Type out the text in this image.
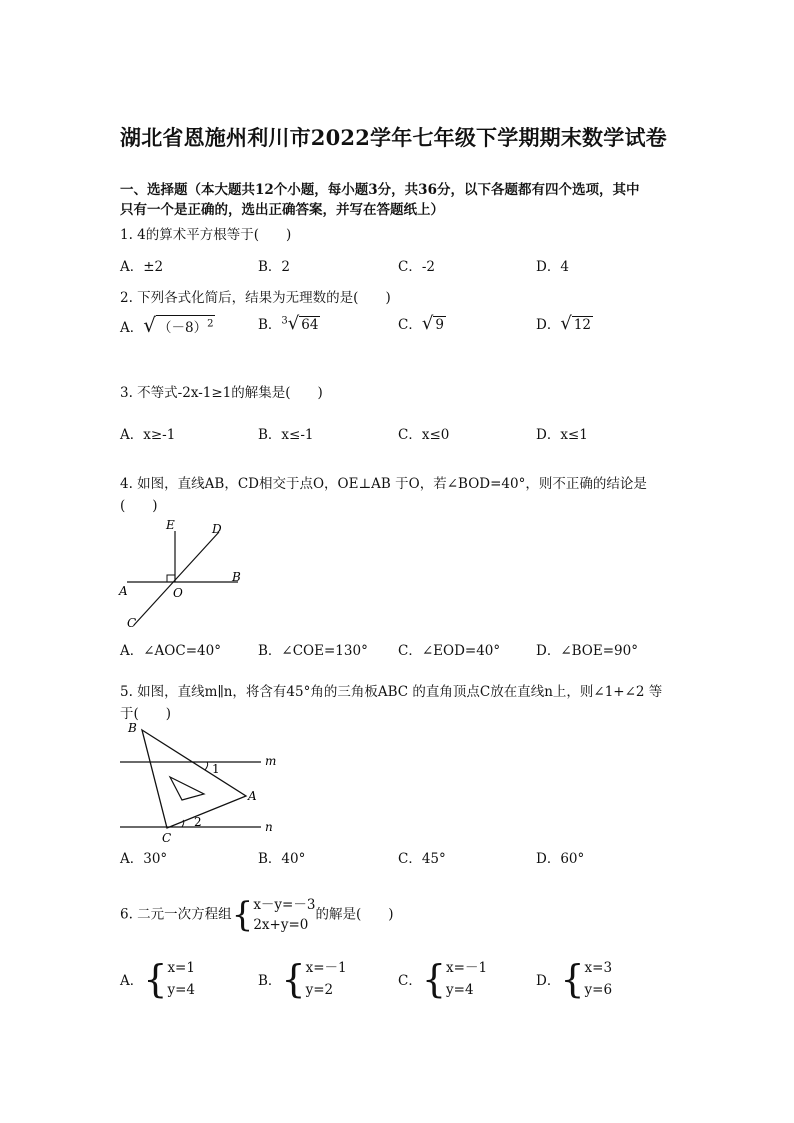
湖北省恩施州利川市2022学年七年级下学期期末数学试卷
一、选择题（本大题共12个小题，每小题3分，共36分，以下各题都有四个选项，其中
只有一个是正确的，选出正确答案，并写在答题纸上）
1. 4的算术平方根等于(　　)
A．±2	B．2	C．-2	D．4
2. 下列各式化简后，结果为无理数的是(　　)
A．√ $(-8)^2$	B．$^3$√ 64	C．√ 9	D．√ 12
3. 不等式-2x-1≥1的解集是(　　)
A．x≥-1	B．x≤-1	C．x≤0	D．x≤1
4. 如图，直线AB，CD相交于点O，OE⊥AB 于O，若∠BOD=40°，则不正确的结论是
(　　)
E	D
A
B
O
C
A．∠AOC=40°	B．∠COE=130° C．∠EOD=40°	D．∠BOE=90°
5. 如图，直线m∥n，将含有45°角的三角板ABC 的直角顶点C放在直线n上，则∠1+∠2 等
于(　　)
B
A
C
m
n
1
2
A．30°	B．40°	C．45°	D．60°
6. 二元一次方程组{x－y=－3
2x+y=0的解是(　　)
A．{x=1
y=4
B．{x=－1
y=2
C．{x=－1
y=4
D．{x=3
y=6
